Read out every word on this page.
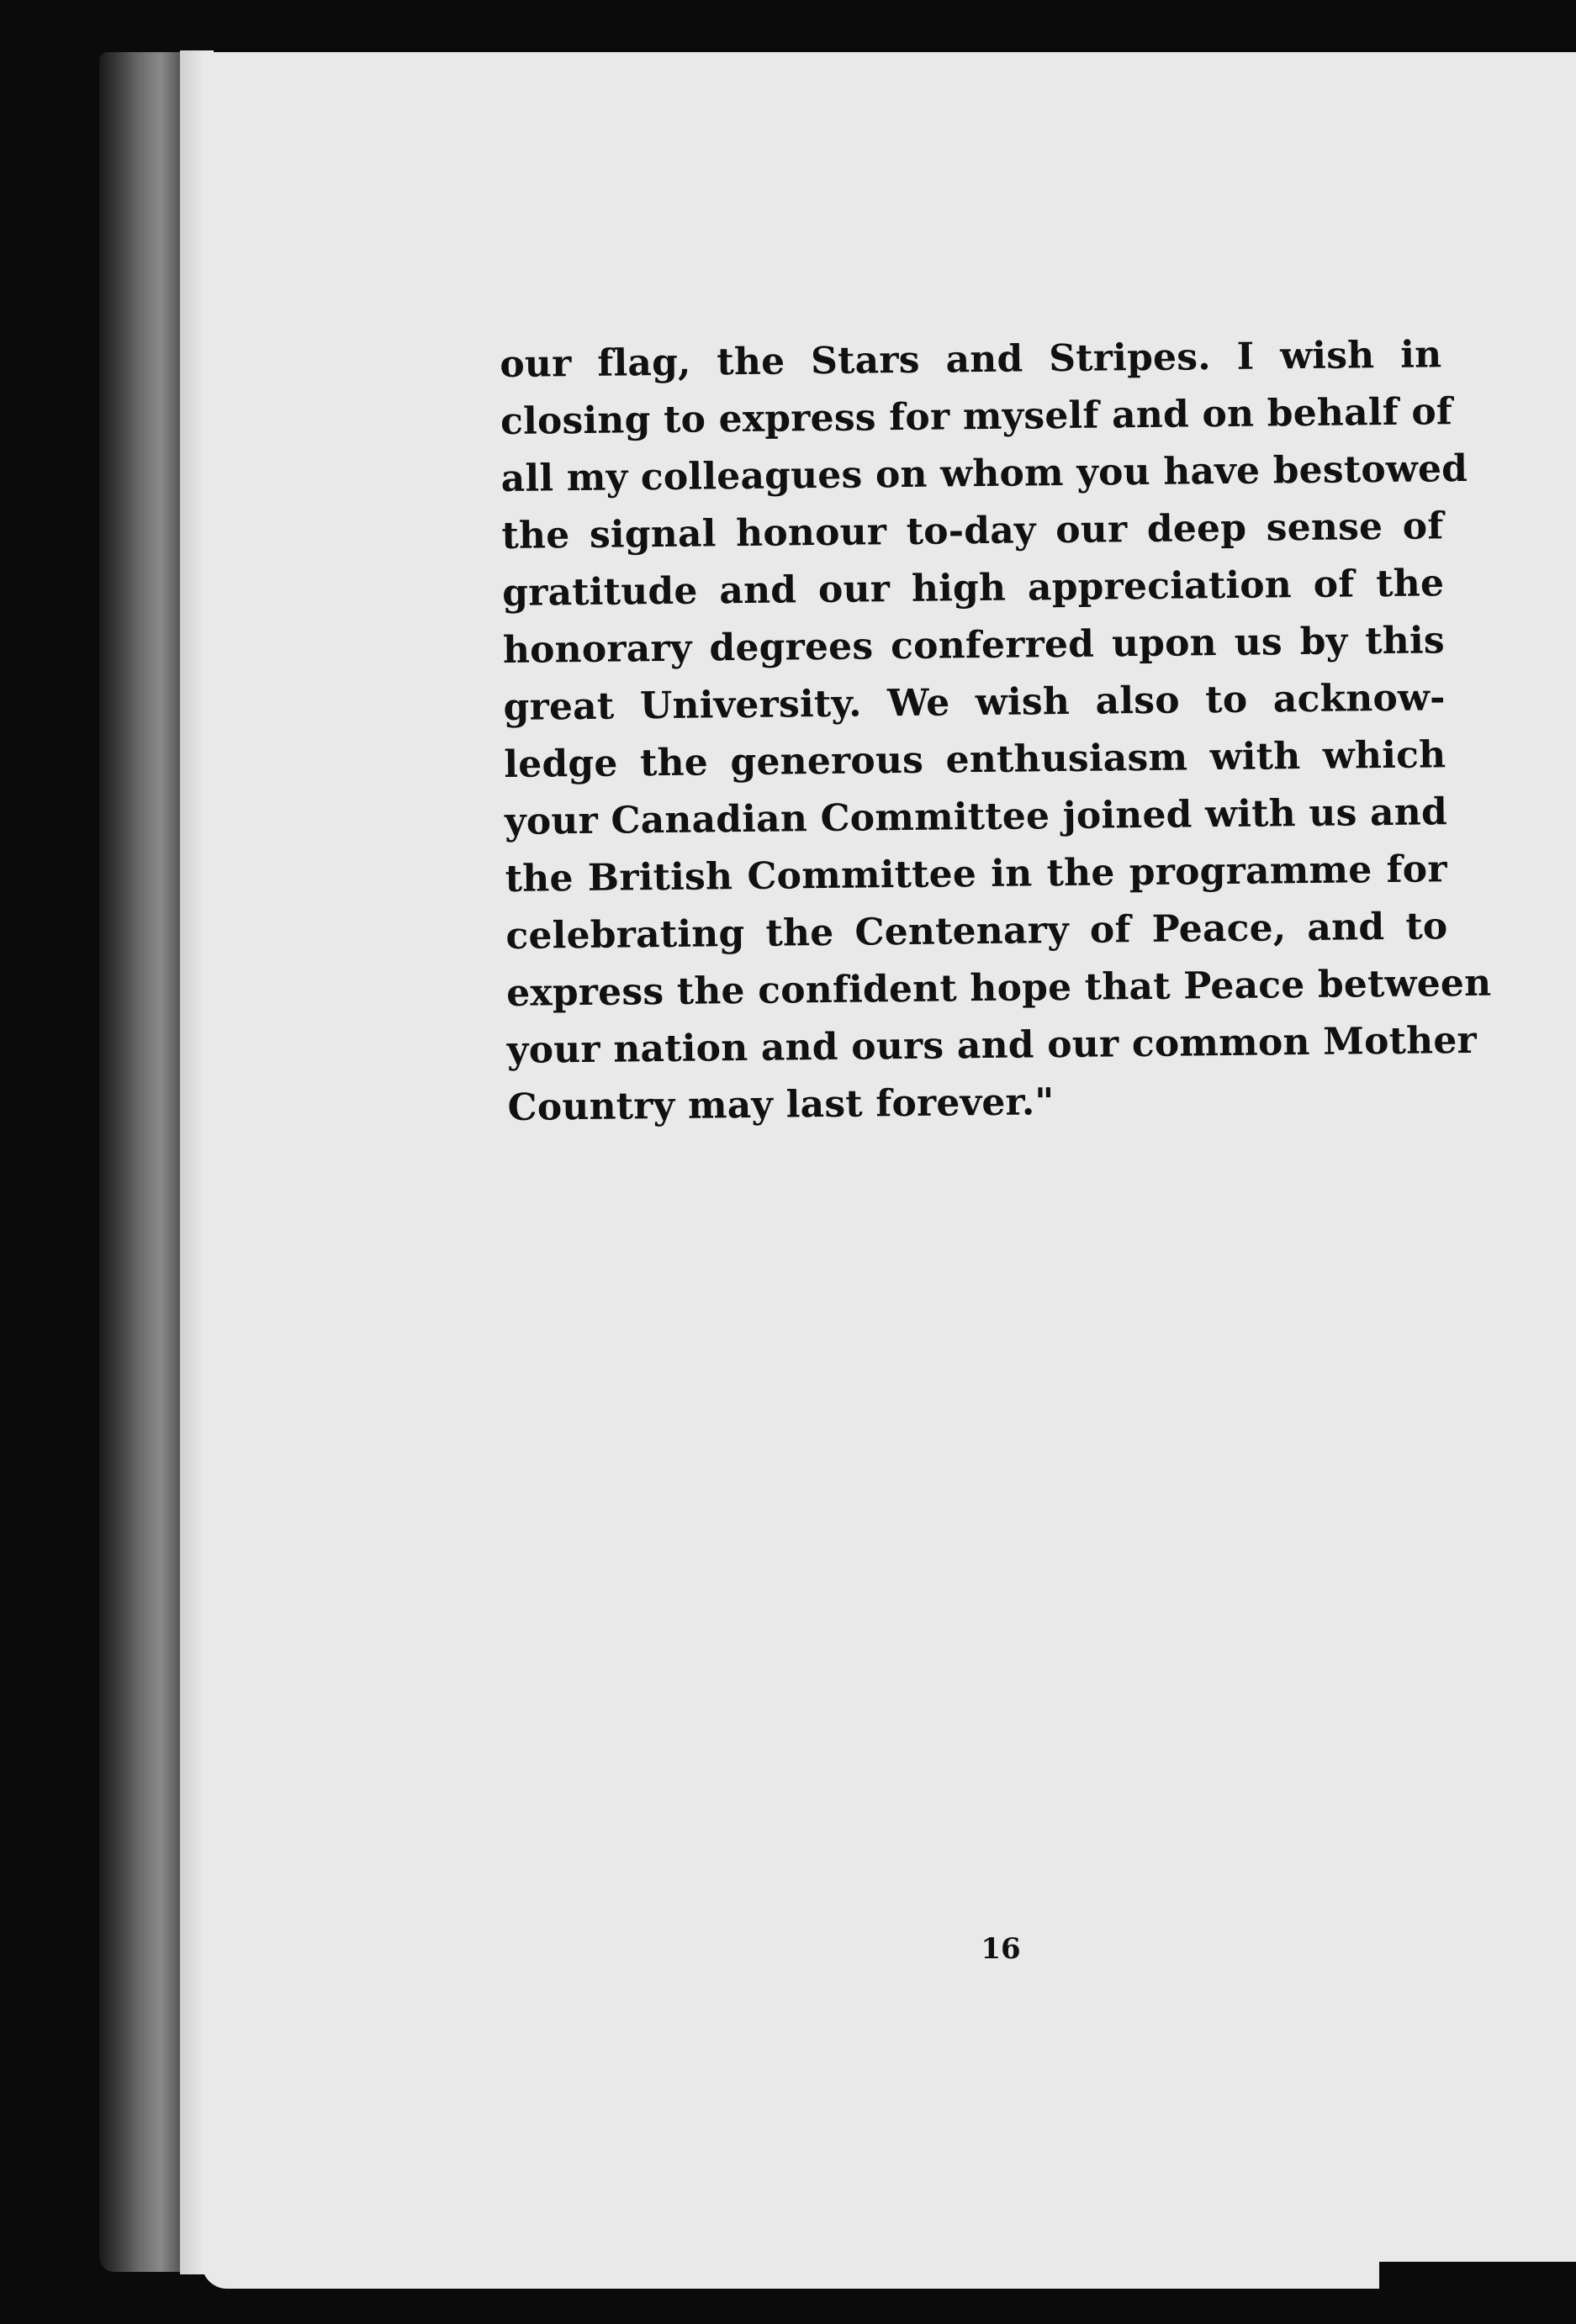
our flag, the Stars and Stripes. I wish in
closing to express for myself and on behalf of
all my colleagues on whom you have bestowed
the signal honour to-day our deep sense of
gratitude and our high appreciation of the
honorary degrees conferred upon us by this
great University. We wish also to acknow-
ledge the generous enthusiasm with which
your Canadian Committee joined with us and
the British Committee in the programme for
celebrating the Centenary of Peace, and to
express the confident hope that Peace between
your nation and ours and our common Mother
Country may last forever."
16
